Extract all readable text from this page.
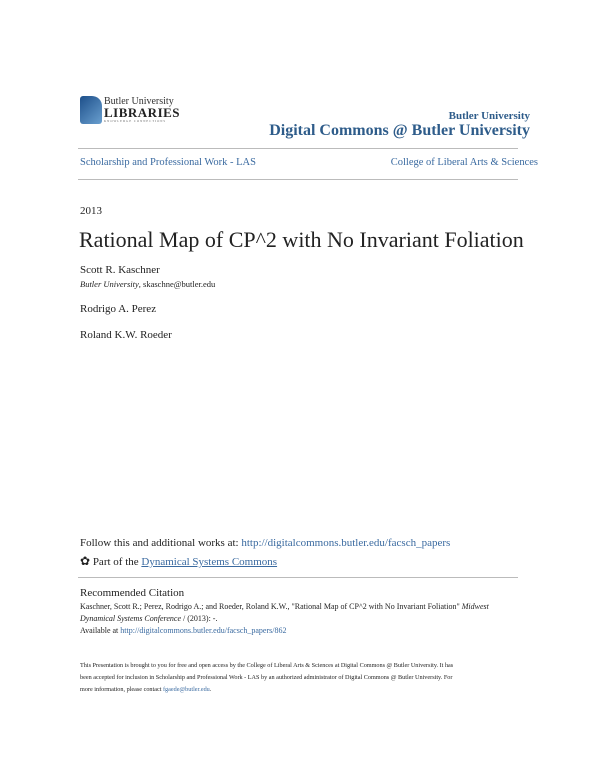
Butler University
LIBRARIES
KNOWLEDGE CONNECTIONS	Butler University
Digital Commons @ Butler University
Scholarship and Professional Work - LAS	College of Liberal Arts & Sciences
2013
Rational Map of CP^2 with No Invariant Foliation
Scott R. Kaschner
Butler University, skaschne@butler.edu
Rodrigo A. Perez
Roland K.W. Roeder
Follow this and additional works at: http://digitalcommons.butler.edu/facsch_papers
✿ Part of the Dynamical Systems Commons
Recommended Citation
Kaschner, Scott R.; Perez, Rodrigo A.; and Roeder, Roland K.W., "Rational Map of CP^2 with No Invariant Foliation" Midwest
Dynamical Systems Conference / (2013): -.
Available at http://digitalcommons.butler.edu/facsch_papers/862
This Presentation is brought to you for free and open access by the College of Liberal Arts & Sciences at Digital Commons @ Butler University. It has
been accepted for inclusion in Scholarship and Professional Work - LAS by an authorized administrator of Digital Commons @ Butler University. For
more information, please contact fgaede@butler.edu.
